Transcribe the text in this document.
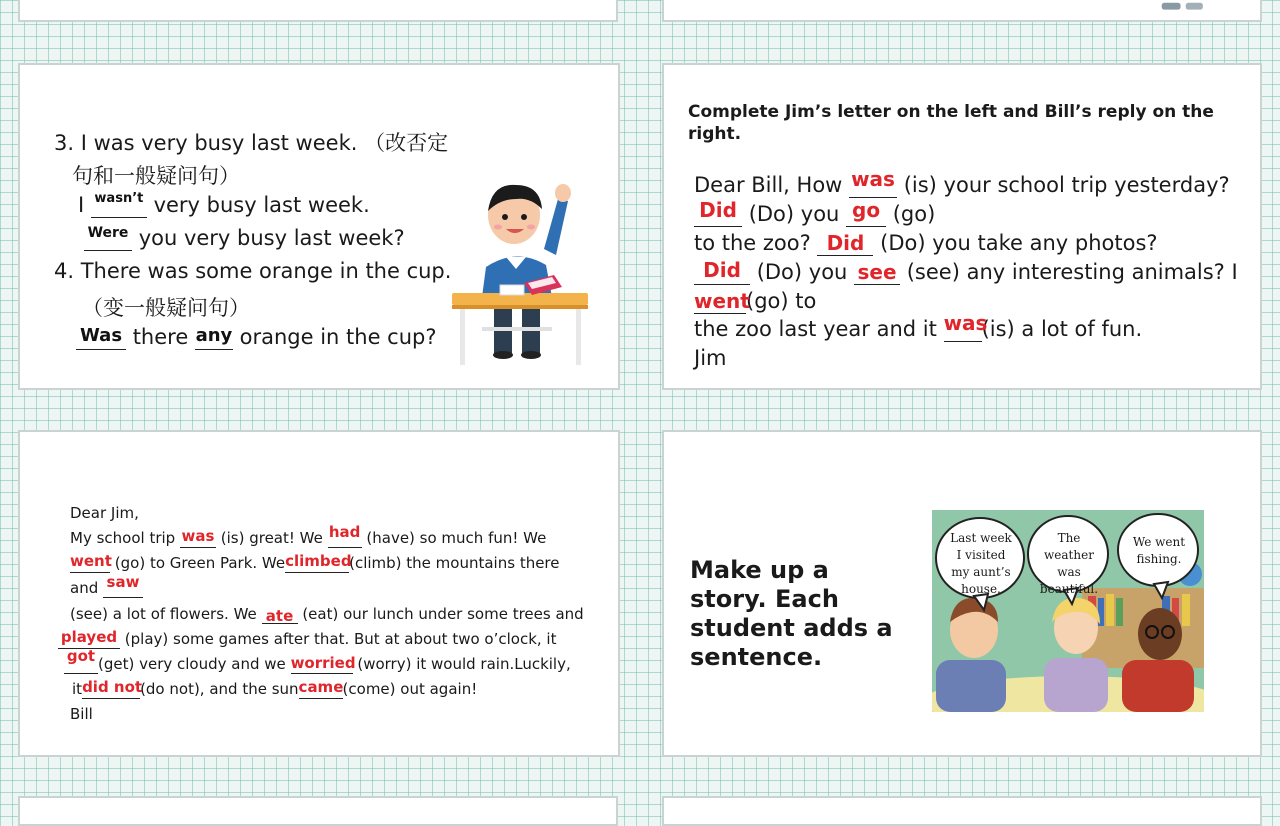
3. I was very busy last week. （改否定
句和一般疑问句）
I $^{wasn’t}$ very busy last week.
$^{Were}$ you very busy last week?
4. There was some orange in the cup.
（变一般疑问句）
Was there any orange in the cup?
Complete Jim’s letter on the left and Bill’s reply on the right.
Dear Bill, How was (is) your school trip yesterday?
Did (Do) you go (go)
to the zoo? Did (Do) you take any photos?
Did (Do) you see (see) any interesting animals? I
went(go) to
the zoo last year and it was(is) a lot of fun.
Jim
Dear Jim,
My school trip was (is) great! We had (have) so much fun! We
went (go) to Green Park. Weclimbed(climb) the mountains there
and saw
(see) a lot of flowers. We ate (eat) our lunch under some trees and
played (play) some games after that. But at about two o’clock, it
got (get) very cloudy and we worried (worry) it would rain.Luckily,
itdid not(do not), and the suncame(come) out again!
Bill
Make up a story. Each student adds a sentence.
Last week I visited my aunt’s house.
The weather was beautiful.
We went fishing.
